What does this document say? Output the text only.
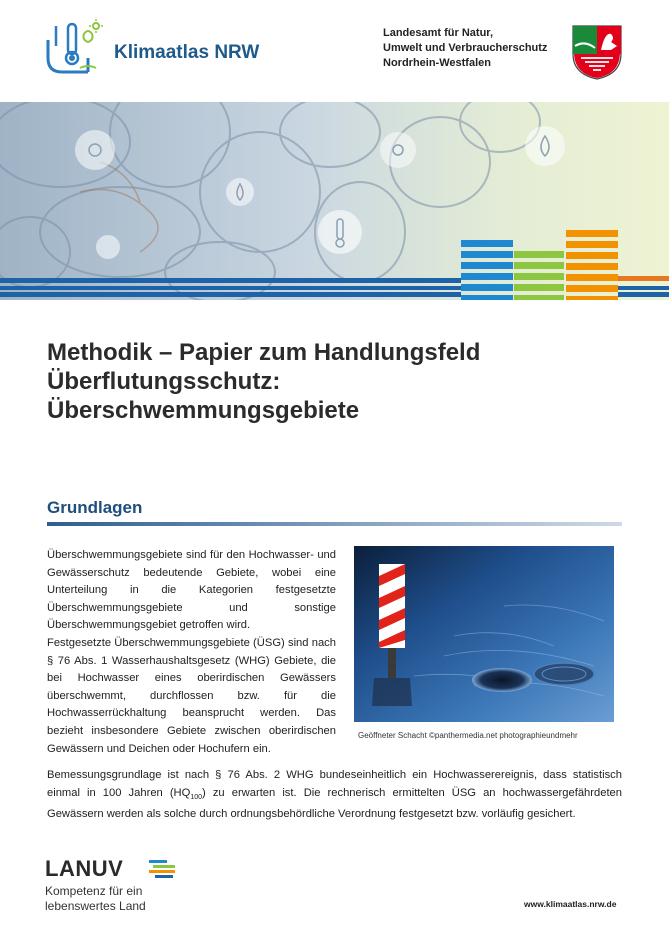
Klimaatlas NRW
Landesamt für Natur,
Umwelt und Verbraucherschutz
Nordrhein-Westfalen
Methodik – Papier zum Handlungsfeld
Überflutungsschutz:
Überschwemmungsgebiete
Grundlagen

Überschwemmungsgebiete sind für den Hochwasser- und Gewässerschutz bedeutende Gebiete, wobei eine Unterteilung in die Kategorien festgesetzte Überschwemmungsgebiete und sonstige Überschwemmungsgebiet getroffen wird.

Festgesetzte Überschwemmungsgebiete (ÜSG) sind nach § 76 Abs. 1 Wasserhaushaltsgesetz (WHG) Gebiete, die bei Hochwasser eines oberirdischen Gewässers überschwemmt, durchflossen bzw. für die Hochwasserrückhaltung beansprucht werden. Das bezieht insbesondere Gebiete zwischen oberirdischen Gewässern und Deichen oder Hochufern ein.

Geöffneter Schacht ©panthermedia.net photographieundmehr

Bemessungsgrundlage ist nach § 76 Abs. 2 WHG bundeseinheitlich ein Hochwasserereignis, dass statistisch einmal in 100 Jahren $(HQ_{100})$ zu erwarten ist. Die rechnerisch ermittelten ÜSG an hochwassergefährdeten Gewässern werden als solche durch ordnungsbehördliche Verordnung festgesetzt bzw. vorläufig gesichert.

LANUV
Kompetenz für ein
lebenswertes Land	www.klimaatlas.nrw.de
